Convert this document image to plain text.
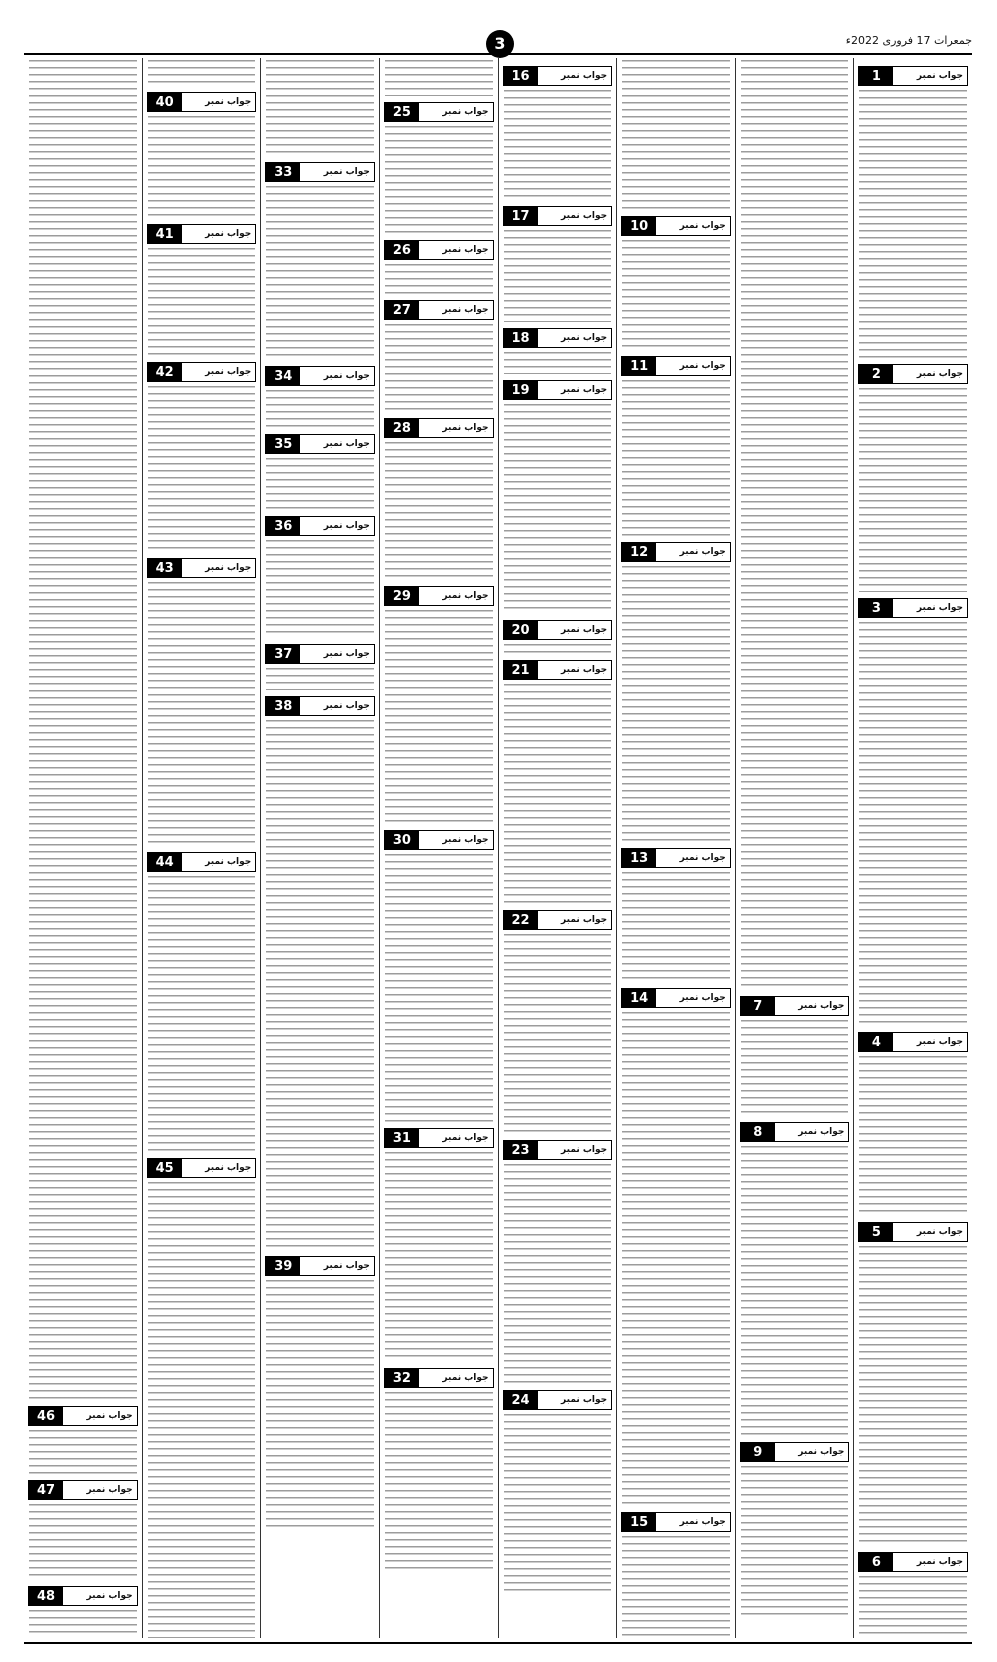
3	جمعرات 17 فروری 2022ء
جواب نمبر
46
جواب نمبر
47
جواب نمبر
48
جواب نمبر
40
جواب نمبر
41
جواب نمبر
42
جواب نمبر
43
جواب نمبر
44
جواب نمبر
45
جواب نمبر
33
جواب نمبر
34
جواب نمبر
35
جواب نمبر
36
جواب نمبر
37
جواب نمبر
38
جواب نمبر
39
جواب نمبر
25
جواب نمبر
26
جواب نمبر
27
جواب نمبر
28
جواب نمبر
29
جواب نمبر
30
جواب نمبر
31
جواب نمبر
32
جواب نمبر
16
جواب نمبر
17
جواب نمبر
18
جواب نمبر
19
جواب نمبر
20
جواب نمبر
21
جواب نمبر
22
جواب نمبر
23
جواب نمبر
24
جواب نمبر
10
جواب نمبر
11
جواب نمبر
12
جواب نمبر
13
جواب نمبر
14
جواب نمبر
15
جواب نمبر
7
جواب نمبر
8
جواب نمبر
9
جواب نمبر
1
جواب نمبر
2
جواب نمبر
3
جواب نمبر
4
جواب نمبر
5
جواب نمبر
6
